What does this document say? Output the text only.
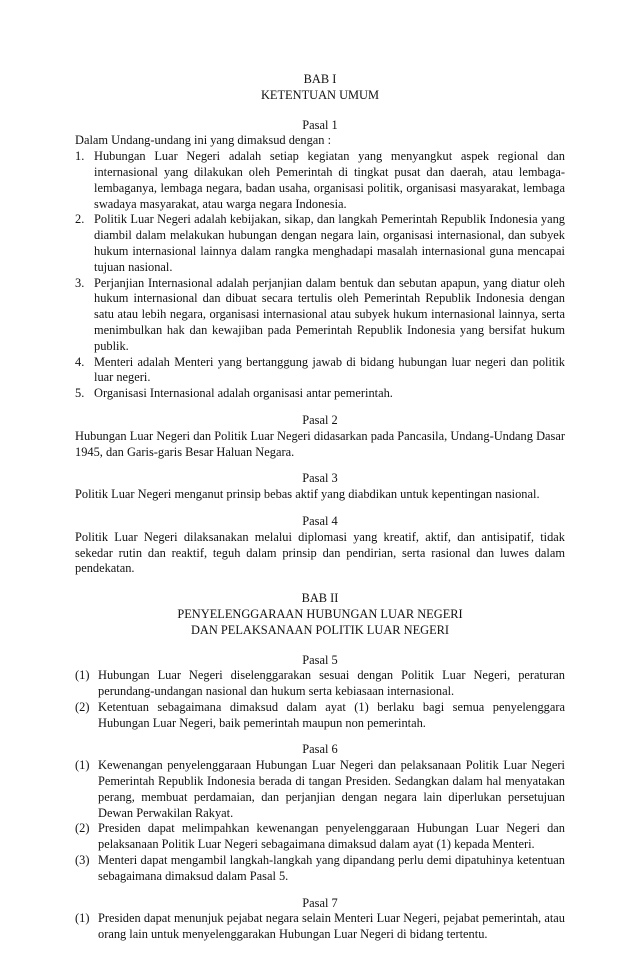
BAB I
KETENTUAN UMUM
Pasal 1
Dalam Undang-undang ini yang dimaksud dengan :
1. Hubungan Luar Negeri adalah setiap kegiatan yang menyangkut aspek regional dan internasional yang dilakukan oleh Pemerintah di tingkat pusat dan daerah, atau lembaga-lembaganya, lembaga negara, badan usaha, organisasi politik, organisasi masyarakat, lembaga swadaya masyarakat, atau warga negara Indonesia.
2. Politik Luar Negeri adalah kebijakan, sikap, dan langkah Pemerintah Republik Indonesia yang diambil dalam melakukan hubungan dengan negara lain, organisasi internasional, dan subyek hukum internasional lainnya dalam rangka menghadapi masalah internasional guna mencapai tujuan nasional.
3. Perjanjian Internasional adalah perjanjian dalam bentuk dan sebutan apapun, yang diatur oleh hukum internasional dan dibuat secara tertulis oleh Pemerintah Republik Indonesia dengan satu atau lebih negara, organisasi internasional atau subyek hukum internasional lainnya, serta menimbulkan hak dan kewajiban pada Pemerintah Republik Indonesia yang bersifat hukum publik.
4. Menteri adalah Menteri yang bertanggung jawab di bidang hubungan luar negeri dan politik luar negeri.
5. Organisasi Internasional adalah organisasi antar pemerintah.
Pasal 2
Hubungan Luar Negeri dan Politik Luar Negeri didasarkan pada Pancasila, Undang-Undang Dasar 1945, dan Garis-garis Besar Haluan Negara.
Pasal 3
Politik Luar Negeri menganut prinsip bebas aktif yang diabdikan untuk kepentingan nasional.
Pasal 4
Politik Luar Negeri dilaksanakan melalui diplomasi yang kreatif, aktif, dan antisipatif, tidak sekedar rutin dan reaktif, teguh dalam prinsip dan pendirian, serta rasional dan luwes dalam pendekatan.
BAB II
PENYELENGGARAAN HUBUNGAN LUAR NEGERI
DAN PELAKSANAAN POLITIK LUAR NEGERI
Pasal 5
(1) Hubungan Luar Negeri diselenggarakan sesuai dengan Politik Luar Negeri, peraturan perundang-undangan nasional dan hukum serta kebiasaan internasional.
(2) Ketentuan sebagaimana dimaksud dalam ayat (1) berlaku bagi semua penyelenggara Hubungan Luar Negeri, baik pemerintah maupun non pemerintah.
Pasal 6
(1) Kewenangan penyelenggaraan Hubungan Luar Negeri dan pelaksanaan Politik Luar Negeri Pemerintah Republik Indonesia berada di tangan Presiden. Sedangkan dalam hal menyatakan perang, membuat perdamaian, dan perjanjian dengan negara lain diperlukan persetujuan Dewan Perwakilan Rakyat.
(2) Presiden dapat melimpahkan kewenangan penyelenggaraan Hubungan Luar Negeri dan pelaksanaan Politik Luar Negeri sebagaimana dimaksud dalam ayat (1) kepada Menteri.
(3) Menteri dapat mengambil langkah-langkah yang dipandang perlu demi dipatuhinya ketentuan sebagaimana dimaksud dalam Pasal 5.
Pasal 7
(1) Presiden dapat menunjuk pejabat negara selain Menteri Luar Negeri, pejabat pemerintah, atau orang lain untuk menyelenggarakan Hubungan Luar Negeri di bidang tertentu.
